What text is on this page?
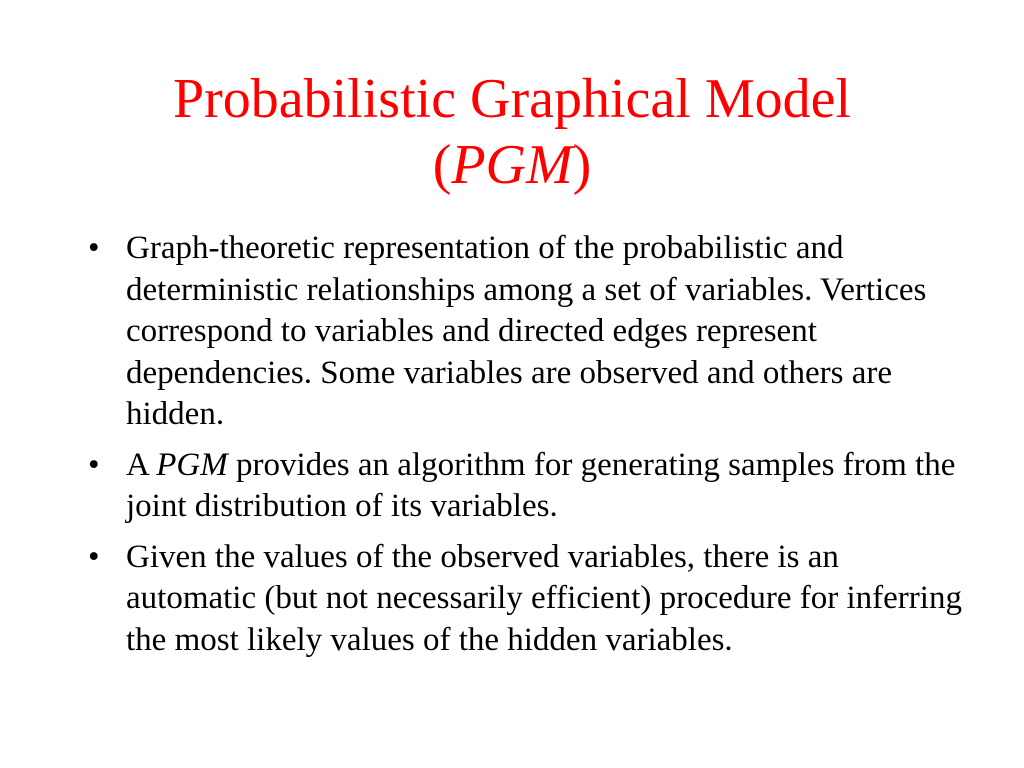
Probabilistic Graphical Model
(PGM)
• Graph-theoretic representation of the probabilistic and deterministic relationships among a set of variables. Vertices correspond to variables and directed edges represent dependencies. Some variables are observed and others are hidden.
• A PGM provides an algorithm for generating samples from the joint distribution of its variables.
• Given the values of the observed variables, there is an automatic (but not necessarily efficient) procedure for inferring the most likely values of the hidden variables.
